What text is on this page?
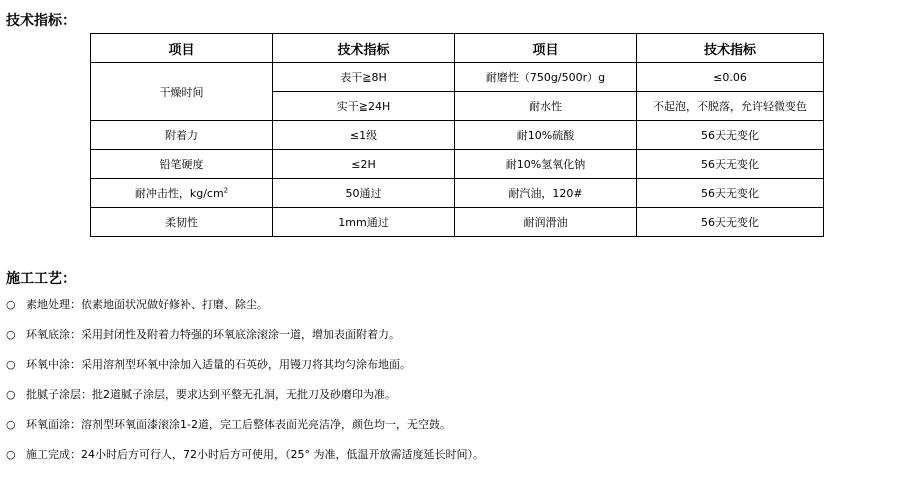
技术指标：
项目	技术指标	项目	技术指标
干燥时间	表干≧8H	耐磨性（750g/500r）g	≤0.06
	实干≧24H	耐水性	不起泡，不脱落，允许轻微变色
附着力	≤1级	耐10%硫酸	56天无变化
铅笔硬度	≤2H	耐10%氢氧化钠	56天无变化
耐冲击性，$kg/cm^2$	50通过	耐汽油，120#	56天无变化
柔韧性	1mm通过	耐润滑油	56天无变化
施工工艺：
○ 素地处理：依素地面状况做好修补、打磨、除尘。
○ 环氧底涂：采用封闭性及附着力特强的环氧底涂滚涂一道，增加表面附着力。
○ 环氧中涂：采用溶剂型环氧中涂加入适量的石英砂，用镘刀将其均匀涂布地面。
○ 批腻子涂层：批2道腻子涂层，要求达到平整无孔洞，无批刀及砂磨印为准。
○ 环氧面涂：溶剂型环氧面漆滚涂1-2道，完工后整体表面光亮洁净，颜色均一，无空鼓。
○ 施工完成：24小时后方可行人，72小时后方可使用，（25° 为准，低温开放需适度延长时间）。
